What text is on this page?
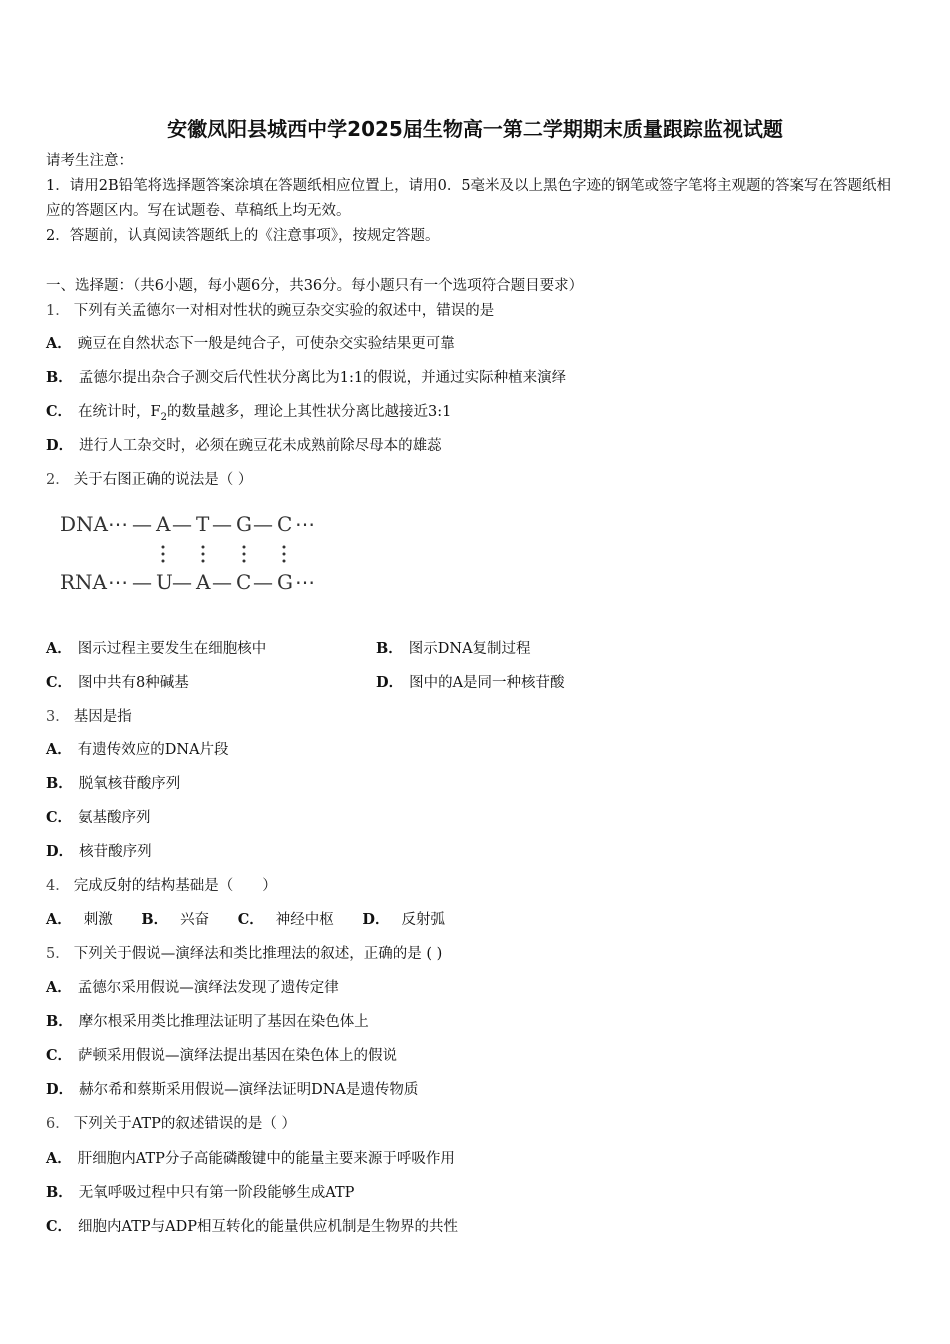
安徽凤阳县城西中学2025届生物高一第二学期期末质量跟踪监视试题
请考生注意：
1．请用2B铅笔将选择题答案涂填在答题纸相应位置上，请用0．5毫米及以上黑色字迹的钢笔或签字笔将主观题的答案写在答题纸相应的答题区内。写在试题卷、草稿纸上均无效。
2．答题前，认真阅读答题纸上的《注意事项》，按规定答题。
一、选择题：（共6小题，每小题6分，共36分。每小题只有一个选项符合题目要求）
1． 下列有关孟德尔一对相对性状的豌豆杂交实验的叙述中，错误的是
A． 豌豆在自然状态下一般是纯合子，可使杂交实验结果更可靠
B． 孟德尔提出杂合子测交后代性状分离比为1:1的假说，并通过实际种植来演绎
C． 在统计时，$F_2$的数量越多，理论上其性状分离比越接近3:1
D． 进行人工杂交时，必须在豌豆花未成熟前除尽母本的雄蕊
2． 关于右图正确的说法是（ ）
DNA ⋯ — A — T — G — C ⋯
RNA ⋯ — U — A — C — G ⋯
A． 图示过程主要发生在细胞核中	B． 图示DNA复制过程
C． 图中共有8种碱基	D． 图中的A是同一种核苷酸
3． 基因是指
A． 有遗传效应的DNA片段
B． 脱氧核苷酸序列
C． 氨基酸序列
D． 核苷酸序列
4． 完成反射的结构基础是（　　）
A． 刺激 B． 兴奋 C． 神经中枢 D． 反射弧
5． 下列关于假说—演绎法和类比推理法的叙述，正确的是 ( )
A． 孟德尔采用假说—演绎法发现了遗传定律
B． 摩尔根采用类比推理法证明了基因在染色体上
C． 萨顿采用假说—演绎法提出基因在染色体上的假说
D． 赫尔希和蔡斯采用假说—演绎法证明DNA是遗传物质
6． 下列关于ATP的叙述错误的是（ ）
A． 肝细胞内ATP分子高能磷酸键中的能量主要来源于呼吸作用
B． 无氧呼吸过程中只有第一阶段能够生成ATP
C． 细胞内ATP与ADP相互转化的能量供应机制是生物界的共性
